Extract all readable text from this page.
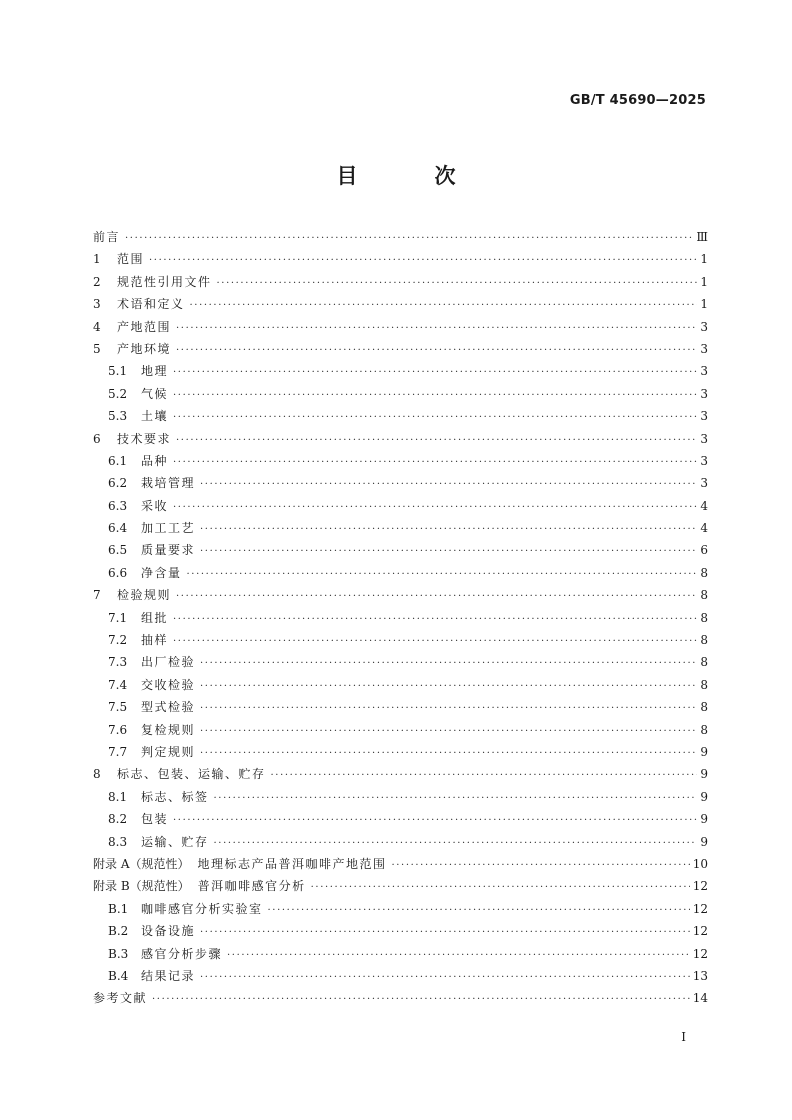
GB/T 45690—2025
目　次
前言 ·····	Ⅲ
1	范围 ·····	1
2	规范性引用文件 ·····	1
3	术语和定义 ·····	1
4	产地范围 ·····	3
5	产地环境 ·····	3
5.1	地理 ·····	3
5.2	气候 ·····	3
5.3	土壤 ·····	3
6	技术要求 ·····	3
6.1	品种 ·····	3
6.2	栽培管理 ·····	3
6.3	采收 ·····	4
6.4	加工工艺 ·····	4
6.5	质量要求 ·····	6
6.6	净含量 ·····	8
7	检验规则 ·····	8
7.1	组批 ·····	8
7.2	抽样 ·····	8
7.3	出厂检验 ·····	8
7.4	交收检验 ·····	8
7.5	型式检验 ·····	8
7.6	复检规则 ·····	8
7.7	判定规则 ·····	9
8	标志、包装、运输、贮存 ·····	9
8.1	标志、标签 ·····	9
8.2	包装 ·····	9
8.3	运输、贮存 ·····	9
附录 A（规范性） 地理标志产品普洱咖啡产地范围 ·····	10
附录 B（规范性） 普洱咖啡感官分析 ·····	12
B.1	咖啡感官分析实验室 ·····	12
B.2	设备设施 ·····	12
B.3	感官分析步骤 ·····	12
B.4	结果记录 ·····	13
参考文献 ·····	14
I
